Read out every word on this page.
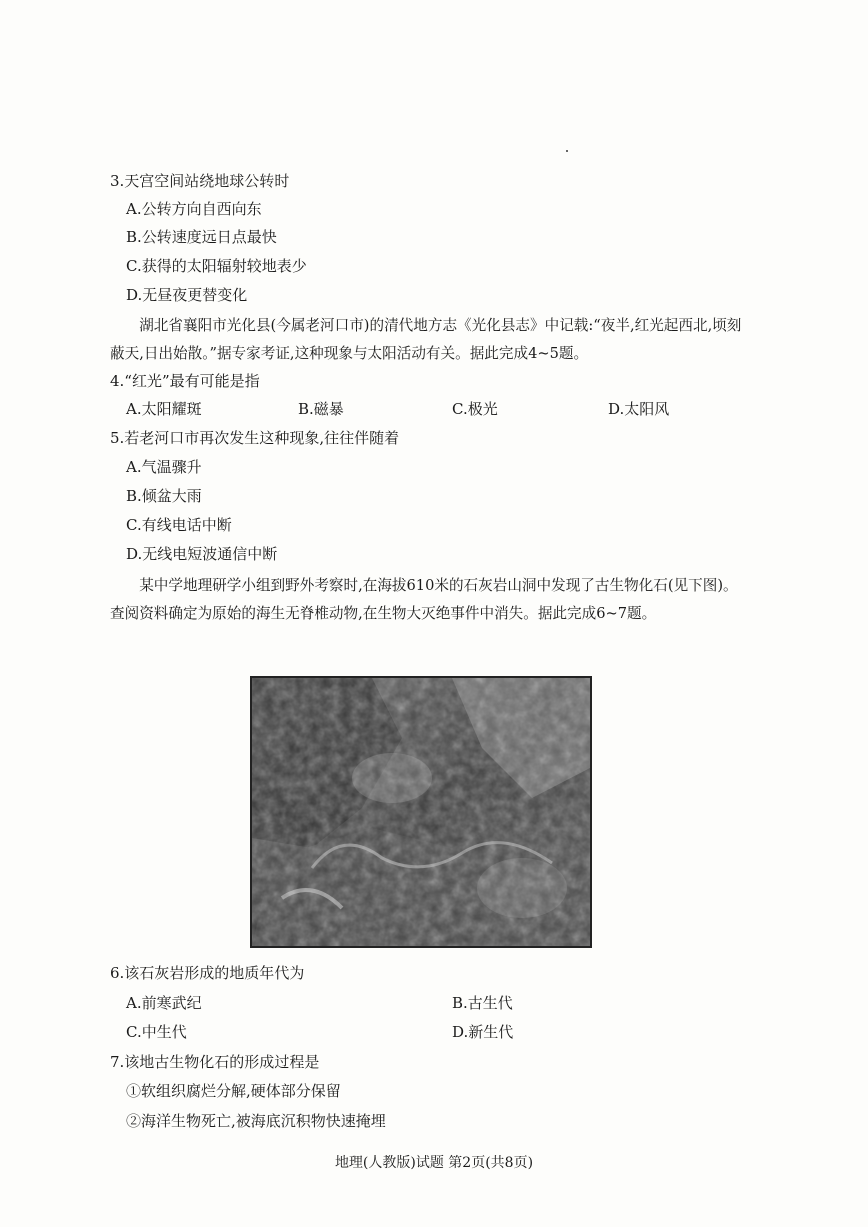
3.天宫空间站绕地球公转时
A.公转方向自西向东
B.公转速度远日点最快
C.获得的太阳辐射较地表少
D.无昼夜更替变化
湖北省襄阳市光化县(今属老河口市)的清代地方志《光化县志》中记载:“夜半,红光起西北,顷刻蔽天,日出始散。”据专家考证,这种现象与太阳活动有关。据此完成4~5题。
4.“红光”最有可能是指
A.太阳耀斑	B.磁暴	C.极光	D.太阳风
5.若老河口市再次发生这种现象,往往伴随着
A.气温骤升
B.倾盆大雨
C.有线电话中断
D.无线电短波通信中断
某中学地理研学小组到野外考察时,在海拔610米的石灰岩山洞中发现了古生物化石(见下图)。查阅资料确定为原始的海生无脊椎动物,在生物大灭绝事件中消失。据此完成6~7题。
6.该石灰岩形成的地质年代为
A.前寒武纪	B.古生代
C.中生代	D.新生代
7.该地古生物化石的形成过程是
①软组织腐烂分解,硬体部分保留
②海洋生物死亡,被海底沉积物快速掩埋
地理(人教版)试题 第2页(共8页)
